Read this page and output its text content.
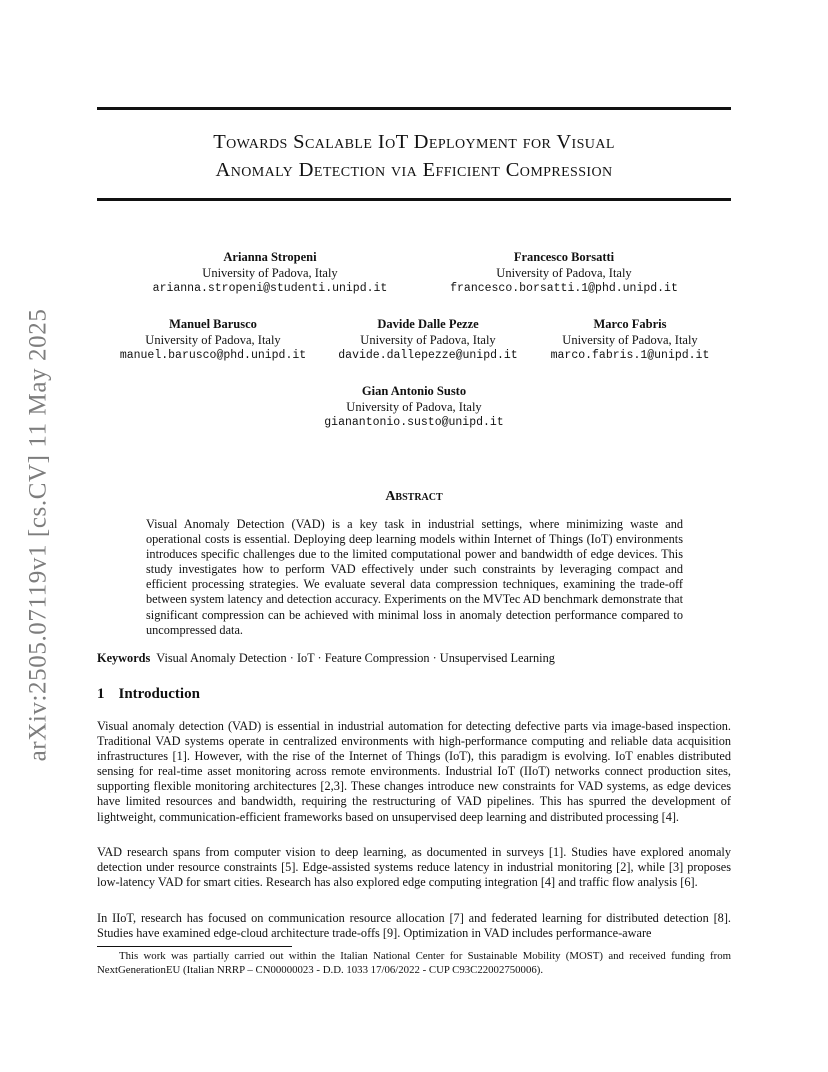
arXiv:2505.07119v1 [cs.CV] 11 May 2025
Towards Scalable IoT Deployment for Visual
Anomaly Detection via Efficient Compression
Arianna Stropeni
University of Padova, Italy
arianna.stropeni@studenti.unipd.it
Francesco Borsatti
University of Padova, Italy
francesco.borsatti.1@phd.unipd.it
Manuel Barusco
University of Padova, Italy
manuel.barusco@phd.unipd.it
Davide Dalle Pezze
University of Padova, Italy
davide.dallepezze@unipd.it
Marco Fabris
University of Padova, Italy
marco.fabris.1@unipd.it
Gian Antonio Susto
University of Padova, Italy
gianantonio.susto@unipd.it
Abstract
Visual Anomaly Detection (VAD) is a key task in industrial settings, where minimizing waste and operational costs is essential. Deploying deep learning models within Internet of Things (IoT) environments introduces specific challenges due to the limited computational power and bandwidth of edge devices. This study investigates how to perform VAD effectively under such constraints by leveraging compact and efficient processing strategies. We evaluate several data compression techniques, examining the trade-off between system latency and detection accuracy. Experiments on the MVTec AD benchmark demonstrate that significant compression can be achieved with minimal loss in anomaly detection performance compared to uncompressed data.
Keywords Visual Anomaly Detection · IoT · Feature Compression · Unsupervised Learning
1 Introduction
Visual anomaly detection (VAD) is essential in industrial automation for detecting defective parts via image-based inspection. Traditional VAD systems operate in centralized environments with high-performance computing and reliable data acquisition infrastructures [1]. However, with the rise of the Internet of Things (IoT), this paradigm is evolving. IoT enables distributed sensing for real-time asset monitoring across remote environments. Industrial IoT (IIoT) networks connect production sites, supporting flexible monitoring architectures [2,3]. These changes introduce new constraints for VAD systems, as edge devices have limited resources and bandwidth, requiring the restructuring of VAD pipelines. This has spurred the development of lightweight, communication-efficient frameworks based on unsupervised deep learning and distributed processing [4].
VAD research spans from computer vision to deep learning, as documented in surveys [1]. Studies have explored anomaly detection under resource constraints [5]. Edge-assisted systems reduce latency in industrial monitoring [2], while [3] proposes low-latency VAD for smart cities. Research has also explored edge computing integration [4] and traffic flow analysis [6].
In IIoT, research has focused on communication resource allocation [7] and federated learning for distributed detection [8]. Studies have examined edge-cloud architecture trade-offs [9]. Optimization in VAD includes performance-aware
This work was partially carried out within the Italian National Center for Sustainable Mobility (MOST) and received funding from NextGenerationEU (Italian NRRP – CN00000023 - D.D. 1033 17/06/2022 - CUP C93C22002750006).
